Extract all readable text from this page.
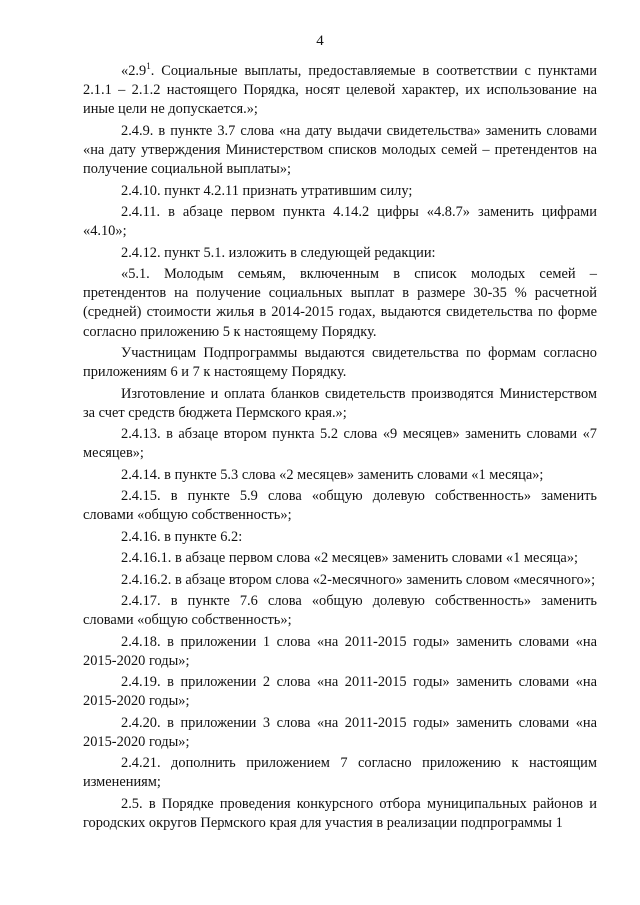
4

«$2.9^1$. Социальные выплаты, предоставляемые в соответствии с пунктами 2.1.1 – 2.1.2 настоящего Порядка, носят целевой характер, их использование на иные цели не допускается.»;

2.4.9. в пункте 3.7 слова «на дату выдачи свидетельства» заменить словами «на дату утверждения Министерством списков молодых семей – претендентов на получение социальной выплаты»;

2.4.10. пункт 4.2.11 признать утратившим силу;

2.4.11. в абзаце первом пункта 4.14.2 цифры «4.8.7» заменить цифрами «4.10»;

2.4.12. пункт 5.1. изложить в следующей редакции:

«5.1. Молодым семьям, включенным в список молодых семей – претендентов на получение социальных выплат в размере 30-35 % расчетной (средней) стоимости жилья в 2014-2015 годах, выдаются свидетельства по форме согласно приложению 5 к настоящему Порядку.

Участницам Подпрограммы выдаются свидетельства по формам согласно приложениям 6 и 7 к настоящему Порядку.

Изготовление и оплата бланков свидетельств производятся Министерством за счет средств бюджета Пермского края.»;

2.4.13. в абзаце втором пункта 5.2 слова «9 месяцев» заменить словами «7 месяцев»;

2.4.14. в пункте 5.3 слова «2 месяцев» заменить словами «1 месяца»;

2.4.15. в пункте 5.9 слова «общую долевую собственность» заменить словами «общую собственность»;

2.4.16. в пункте 6.2:

2.4.16.1. в абзаце первом слова «2 месяцев» заменить словами «1 месяца»;

2.4.16.2. в абзаце втором слова «2-месячного» заменить словом «месячного»;

2.4.17. в пункте 7.6 слова «общую долевую собственность» заменить словами «общую собственность»;

2.4.18. в приложении 1 слова «на 2011-2015 годы» заменить словами «на 2015-2020 годы»;

2.4.19. в приложении 2 слова «на 2011-2015 годы» заменить словами «на 2015-2020 годы»;

2.4.20. в приложении 3 слова «на 2011-2015 годы» заменить словами «на 2015-2020 годы»;

2.4.21. дополнить приложением 7 согласно приложению к настоящим изменениям;

2.5. в Порядке проведения конкурсного отбора муниципальных районов и городских округов Пермского края для участия в реализации подпрограммы 1
